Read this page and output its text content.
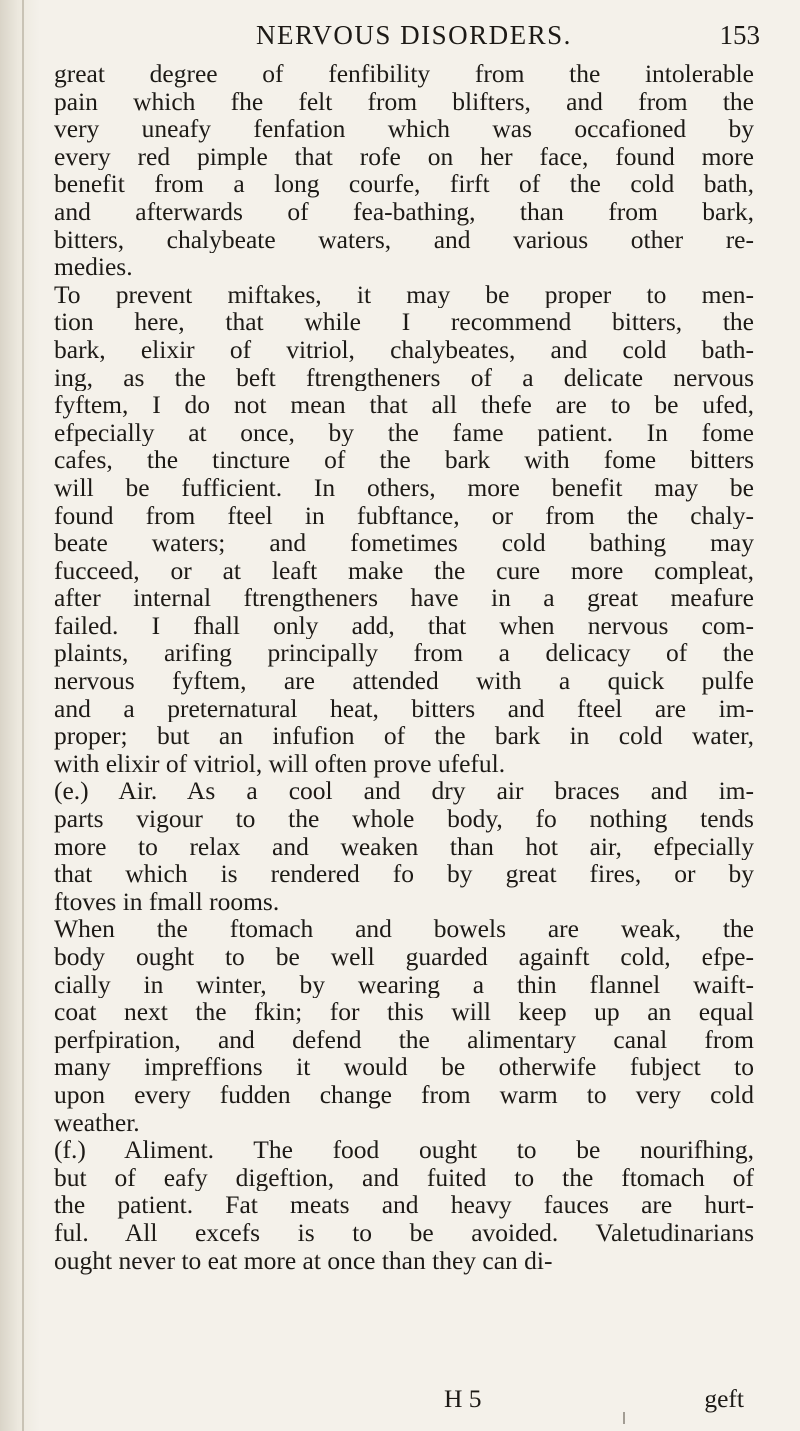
NERVOUS DISORDERS.	153
great degree of fenfibility from the intolerable
pain which fhe felt from blifters, and from the
very uneafy fenfation which was occafioned by
every red pimple that rofe on her face, found more
benefit from a long courfe, firft of the cold bath,
and afterwards of fea-bathing, than from bark,
bitters, chalybeate waters, and various other re-
medies.
To prevent miftakes, it may be proper to men-
tion here, that while I recommend bitters, the
bark, elixir of vitriol, chalybeates, and cold bath-
ing, as the beft ftrengtheners of a delicate nervous
fyftem, I do not mean that all thefe are to be ufed,
efpecially at once, by the fame patient. In fome
cafes, the tincture of the bark with fome bitters
will be fufficient. In others, more benefit may be
found from fteel in fubftance, or from the chaly-
beate waters; and fometimes cold bathing may
fucceed, or at leaft make the cure more compleat,
after internal ftrengtheners have in a great meafure
failed. I fhall only add, that when nervous com-
plaints, arifing principally from a delicacy of the
nervous fyftem, are attended with a quick pulfe
and a preternatural heat, bitters and fteel are im-
proper; but an infufion of the bark in cold water,
with elixir of vitriol, will often prove ufeful.
(e.) Air. As a cool and dry air braces and im-
parts vigour to the whole body, fo nothing tends
more to relax and weaken than hot air, efpecially
that which is rendered fo by great fires, or by
ftoves in fmall rooms.
When the ftomach and bowels are weak, the
body ought to be well guarded againft cold, efpe-
cially in winter, by wearing a thin flannel waift-
coat next the fkin; for this will keep up an equal
perfpiration, and defend the alimentary canal from
many impreffions it would be otherwife fubject to
upon every fudden change from warm to very cold
weather.
(f.) Aliment. The food ought to be nourifhing,
but of eafy digeftion, and fuited to the ftomach of
the patient. Fat meats and heavy fauces are hurt-
ful. All excefs is to be avoided. Valetudinarians
ought never to eat more at once than they can di-
H 5	geft
